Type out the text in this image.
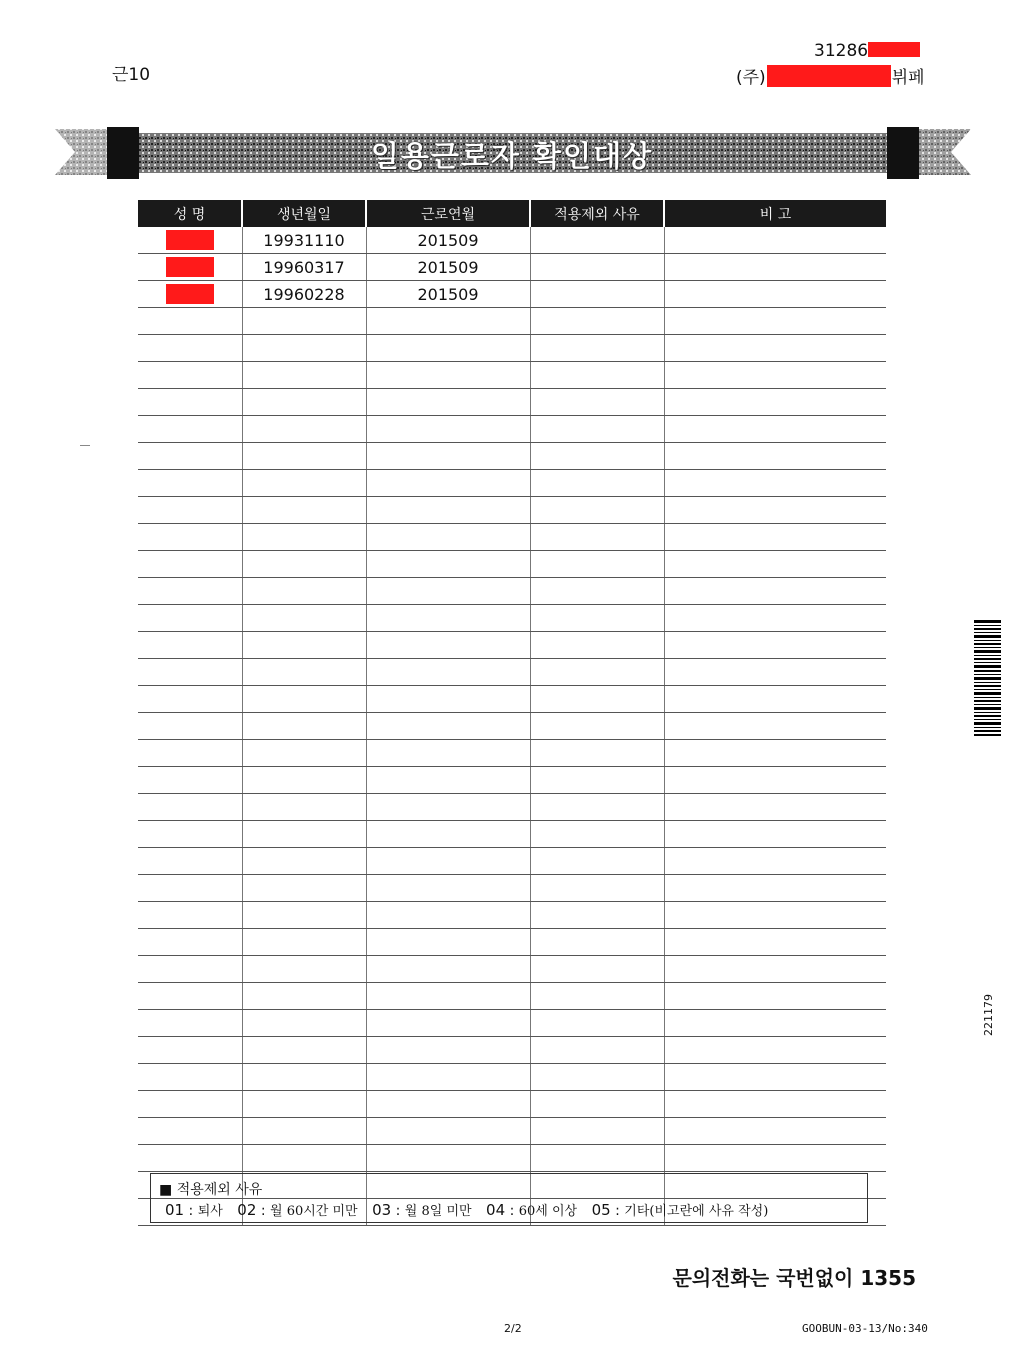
근10
31286
(주)	뷔페
일용근로자 확인대상
성 명	생년월일	근로연월	적용제외 사유	비 고
	19931110	201509		
	19960317	201509		
	19960228	201509		

■ 적용제외 사유
01 : 퇴사 02 : 월 60시간 미만 03 : 월 8일 미만 04 : 60세 이상 05 : 기타(비고란에 사유 작성)
문의전화는 국번없이 1355
2/2	GOOBUN-03-13/No:340
221179
